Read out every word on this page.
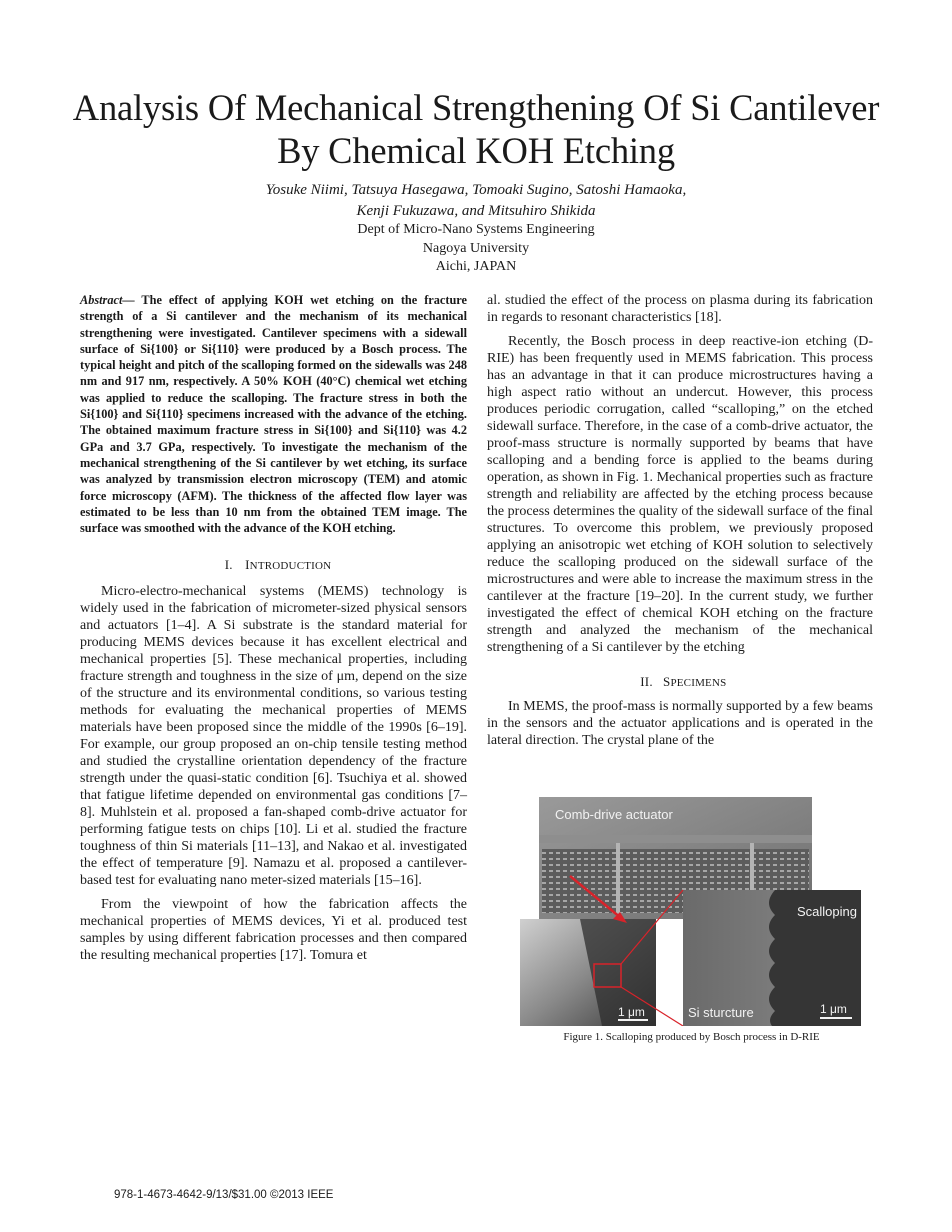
Analysis Of Mechanical Strengthening Of Si Cantilever
By Chemical KOH Etching
Yosuke Niimi, Tatsuya Hasegawa, Tomoaki Sugino, Satoshi Hamaoka,
Kenji Fukuzawa, and Mitsuhiro Shikida
Dept of Micro-Nano Systems Engineering
Nagoya University
Aichi, JAPAN

Abstract— The effect of applying KOH wet etching on the fracture strength of a Si cantilever and the mechanism of its mechanical strengthening were investigated. Cantilever specimens with a sidewall surface of Si{100} or Si{110} were produced by a Bosch process. The typical height and pitch of the scalloping formed on the sidewalls was 248 nm and 917 nm, respectively. A 50% KOH (40°C) chemical wet etching was applied to reduce the scalloping. The fracture stress in both the Si{100} and Si{110} specimens increased with the advance of the etching. The obtained maximum fracture stress in Si{100} and Si{110} was 4.2 GPa and 3.7 GPa, respectively. To investigate the mechanism of the mechanical strengthening of the Si cantilever by wet etching, its surface was analyzed by transmission electron microscopy (TEM) and atomic force microscopy (AFM). The thickness of the affected flow layer was estimated to be less than 10 nm from the obtained TEM image. The surface was smoothed with the advance of the KOH etching.

I. INTRODUCTION

Micro-electro-mechanical systems (MEMS) technology is widely used in the fabrication of micrometer-sized physical sensors and actuators [1–4]. A Si substrate is the standard material for producing MEMS devices because it has excellent electrical and mechanical properties [5]. These mechanical properties, including fracture strength and toughness in the size of μm, depend on the size of the structure and its environmental conditions, so various testing methods for evaluating the mechanical properties of MEMS materials have been proposed since the middle of the 1990s [6–19]. For example, our group proposed an on-chip tensile testing method and studied the crystalline orientation dependency of the fracture strength under the quasi-static condition [6]. Tsuchiya et al. showed that fatigue lifetime depended on environmental gas conditions [7–8]. Muhlstein et al. proposed a fan-shaped comb-drive actuator for performing fatigue tests on chips [10]. Li et al. studied the fracture toughness of thin Si materials [11–13], and Nakao et al. investigated the effect of temperature [9]. Namazu et al. proposed a cantilever-based test for evaluating nano meter-sized materials [15–16].

From the viewpoint of how the fabrication affects the mechanical properties of MEMS devices, Yi et al. produced test samples by using different fabrication processes and then compared the resulting mechanical properties [17]. Tomura et

al. studied the effect of the process on plasma during its fabrication in regards to resonant characteristics [18].

Recently, the Bosch process in deep reactive-ion etching (D-RIE) has been frequently used in MEMS fabrication. This process has an advantage in that it can produce microstructures having a high aspect ratio without an undercut. However, this process produces periodic corrugation, called “scalloping,” on the etched sidewall surface. Therefore, in the case of a comb-drive actuator, the proof-mass structure is normally supported by beams that have scalloping and a bending force is applied to the beams during operation, as shown in Fig. 1. Mechanical properties such as fracture strength and reliability are affected by the etching process because the process determines the quality of the sidewall surface of the final structures. To overcome this problem, we previously proposed applying an anisotropic wet etching of KOH solution to selectively reduce the scalloping produced on the sidewall surface of the microstructures and were able to increase the maximum stress in the cantilever at the fracture [19–20]. In the current study, we further investigated the effect of chemical KOH etching on the fracture strength and analyzed the mechanism of the mechanical strengthening of a Si cantilever by the etching

II. SPECIMENS

In MEMS, the proof-mass is normally supported by a few beams in the sensors and the actuator applications and is operated in the lateral direction. The crystal plane of the

Comb-drive actuator
1 μm
Scalloping
Si sturcture	1 μm
Figure 1. Scalloping produced by Bosch process in D-RIE
978-1-4673-4642-9/13/$31.00 ©2013 IEEE
